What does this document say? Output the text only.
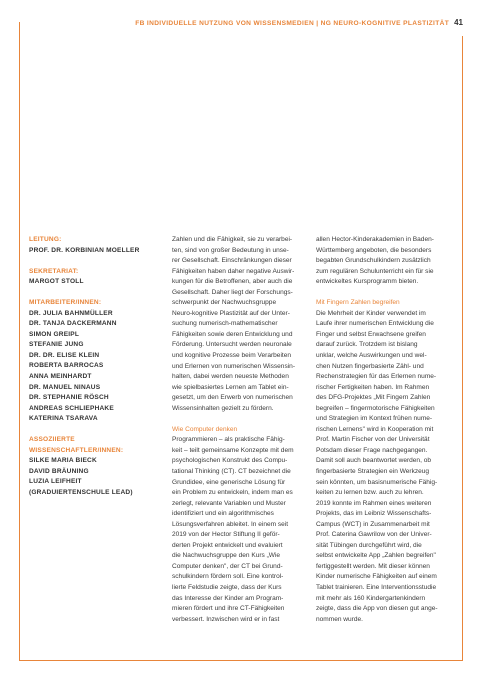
FB INDIVIDUELLE NUTZUNG VON WISSENSMEDIEN | NG NEURO-KOGNITIVE PLASTIZITÄT 41
LEITUNG:
PROF. DR. KORBINIAN MOELLER
SEKRETARIAT:
MARGOT STOLL
MITARBEITER/INNEN:
DR. JULIA BAHNMÜLLER
DR. TANJA DACKERMANN
SIMON GREIPL
STEFANIE JUNG
DR. DR. ELISE KLEIN
ROBERTA BARROCAS
ANNA MEINHARDT
DR. MANUEL NINAUS
DR. STEPHANIE RÖSCH
ANDREAS SCHLIEPHAKE
KATERINA TSARAVA
ASSOZIIERTE
WISSENSCHAFTLER/INNEN:
SILKE MARIA BIECK
DAVID BRÄUNING
LUZIA LEIFHEIT
(GRADUIERTENSCHULE LEAD)
Zahlen und die Fähigkeit, sie zu verarbei-
ten, sind von großer Bedeutung in unse-
rer Gesellschaft. Einschränkungen dieser
Fähigkeiten haben daher negative Auswir-
kungen für die Betroffenen, aber auch die
Gesellschaft. Daher liegt der Forschungs-
schwerpunkt der Nachwuchsgruppe
Neuro-kognitive Plastizität auf der Unter-
suchung numerisch-mathematischer
Fähigkeiten sowie deren Entwicklung und
Förderung. Untersucht werden neuronale
und kognitive Prozesse beim Verarbeiten
und Erlernen von numerischen Wissensin-
halten, dabei werden neueste Methoden
wie spielbasiertes Lernen am Tablet ein-
gesetzt, um den Erwerb von numerischen
Wissensinhalten gezielt zu fördern.
Wie Computer denken
Programmieren – als praktische Fähig-
keit – teilt gemeinsame Konzepte mit dem
psychologischen Konstrukt des Compu-
tational Thinking (CT). CT bezeichnet die
Grundidee, eine generische Lösung für
ein Problem zu entwickeln, indem man es
zerlegt, relevante Variablen und Muster
identifiziert und ein algorithmisches
Lösungsverfahren ableitet. In einem seit
2019 von der Hector Stiftung II geför-
derten Projekt entwickelt und evaluiert
die Nachwuchsgruppe den Kurs „Wie
Computer denken", der CT bei Grund-
schulkindern fördern soll. Eine kontrol-
lierte Feldstudie zeigte, dass der Kurs
das Interesse der Kinder am Program-
mieren fördert und ihre CT-Fähigkeiten
verbessert. Inzwischen wird er in fast
allen Hector-Kinderakademien in Baden-
Württemberg angeboten, die besonders
begabten Grundschulkindern zusätzlich
zum regulären Schulunterricht ein für sie
entwickeltes Kursprogramm bieten.
Mit Fingern Zahlen begreifen
Die Mehrheit der Kinder verwendet im
Laufe ihrer numerischen Entwicklung die
Finger und selbst Erwachsene greifen
darauf zurück. Trotzdem ist bislang
unklar, welche Auswirkungen und wel-
chen Nutzen fingerbasierte Zähl- und
Rechenstrategien für das Erlernen nume-
rischer Fertigkeiten haben. Im Rahmen
des DFG-Projektes „Mit Fingern Zahlen
begreifen – fingermotorische Fähigkeiten
und Strategien im Kontext frühen nume-
rischen Lernens" wird in Kooperation mit
Prof. Martin Fischer von der Universität
Potsdam dieser Frage nachgegangen.
Damit soll auch beantwortet werden, ob
fingerbasierte Strategien ein Werkzeug
sein könnten, um basisnumerische Fähig-
keiten zu lernen bzw. auch zu lehren.
2019 konnte im Rahmen eines weiteren
Projekts, das im Leibniz Wissenschafts-
Campus (WCT) in Zusammenarbeit mit
Prof. Caterina Gawrilow von der Univer-
sität Tübingen durchgeführt wird, die
selbst entwickelte App „Zahlen begreifen"
fertiggestellt werden. Mit dieser können
Kinder numerische Fähigkeiten auf einem
Tablet trainieren. Eine Interventionsstudie
mit mehr als 160 Kindergartenkindern
zeigte, dass die App von diesen gut ange-
nommen wurde.
